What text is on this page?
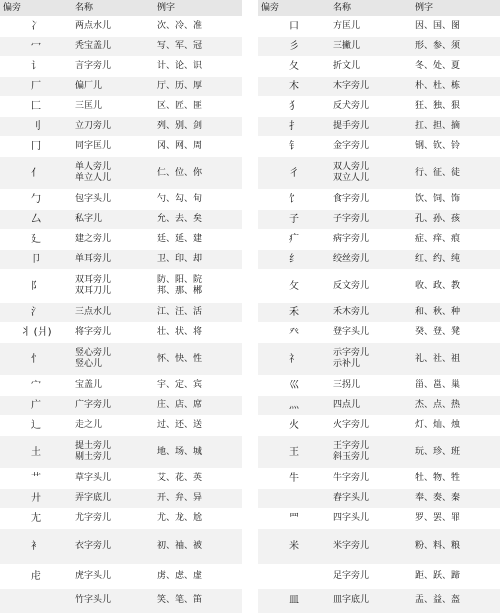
偏旁	名称	例字
冫	两点水儿	次、冷、准
冖	秃宝盖儿	写、军、冠
讠	言字旁儿	计、论、识
厂	偏厂儿	厅、历、厚
匚	三匡儿	区、匠、匪
刂	立刀旁儿	列、别、剑
冂	同字匡儿	冈、网、周
亻	单人旁儿
单立人儿	仁、位、你
勹	包字头儿	勺、勾、旬
厶	私字儿	允、去、矣
廴	建之旁儿	廷、延、建
卩	单耳旁儿	卫、印、却
阝	双耳旁儿
双耳刀儿	防、阳、院
邦、那、郴
氵	三点水儿	江、汪、活
丬 (爿)	将字旁儿	壮、状、将
忄	竖心旁儿
竖心儿	怀、快、性
宀	宝盖儿	宇、定、宾
广	广字旁儿	庄、店、席
辶	走之儿	过、还、送
土	提土旁儿
剔土旁儿	地、场、城
艹	草字头儿	艾、花、英
廾	弄字底儿	开、弁、异
尢	尤字旁儿	尤、龙、尬
衤	衣字旁儿	初、袖、被
虍	虎字头儿	虏、虑、虚
	竹字头儿	笑、笔、笛
偏旁	名称	例字
口	方匡儿	因、国、图
彡	三撇儿	形、参、须
夂	折文儿	冬、处、夏
木	木字旁儿	朴、杜、栋
犭	反犬旁儿	狂、独、狠
扌	提手旁儿	扛、担、摘
钅	金字旁儿	钢、钦、铃
彳	双人旁儿
双立人儿	行、征、徒
饣	食字旁儿	饮、饲、饰
子	子字旁儿	孔、孙、孩
疒	病字旁儿	症、痒、痕
纟	绞丝旁儿	红、约、纯
攵	反文旁儿	收、政、教
禾	禾木旁儿	和、秋、种
癶	登字头儿	癸、登、凳
礻	示字旁儿
示补儿	礼、社、祖
巛	三拐儿	甾、邕、巢
灬	四点儿	杰、点、热
火	火字旁儿	灯、灿、烛
王	王字旁儿
斜玉旁儿	玩、珍、班
牛	牛字旁儿	牡、物、牲
	舂字头儿	奉、奏、秦
罒	四字头儿	罗、罢、罪
米	米字旁儿	粉、料、粮
	足字旁儿	距、跃、蹄
皿	皿字底儿	盂、益、盔
